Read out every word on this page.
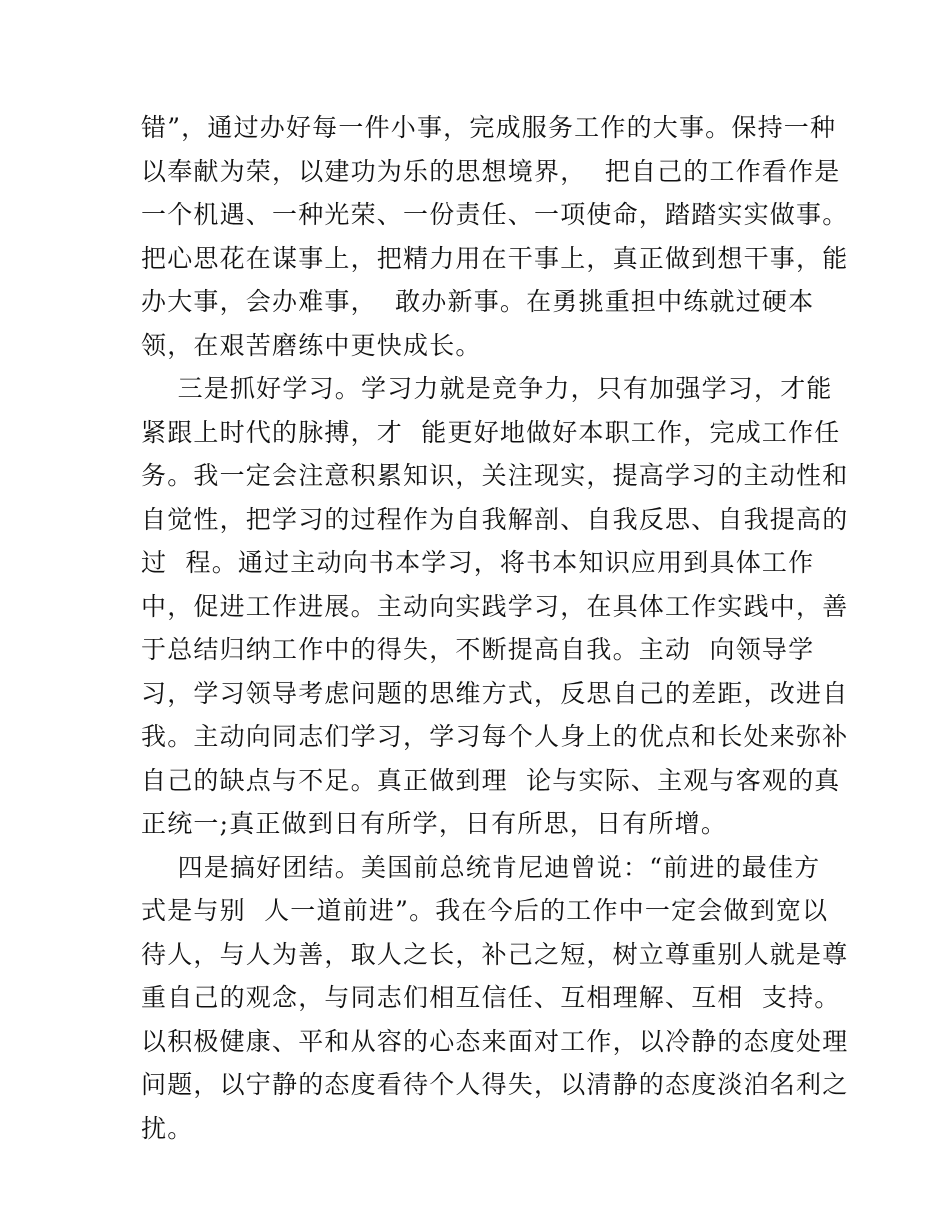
错”，通过办好每一件小事，完成服务工作的大事。保持一种
以奉献为荣，以建功为乐的思想境界，  把自己的工作看作是
一个机遇、一种光荣、一份责任、一项使命，踏踏实实做事。
把心思花在谋事上，把精力用在干事上，真正做到想干事，能
办大事，会办难事，  敢办新事。在勇挑重担中练就过硬本
领，在艰苦磨练中更快成长。
三是抓好学习。学习力就是竞争力，只有加强学习，才能
紧跟上时代的脉搏，才  能更好地做好本职工作，完成工作任
务。我一定会注意积累知识，关注现实，提高学习的主动性和
自觉性，把学习的过程作为自我解剖、自我反思、自我提高的
过  程。通过主动向书本学习，将书本知识应用到具体工作
中，促进工作进展。主动向实践学习，在具体工作实践中，善
于总结归纳工作中的得失，不断提高自我。主动  向领导学
习，学习领导考虑问题的思维方式，反思自己的差距，改进自
我。主动向同志们学习，学习每个人身上的优点和长处来弥补
自己的缺点与不足。真正做到理  论与实际、主观与客观的真
正统一;真正做到日有所学，日有所思，日有所增。
四是搞好团结。美国前总统肯尼迪曾说：“前进的最佳方
式是与别  人一道前进”。我在今后的工作中一定会做到宽以
待人，与人为善，取人之长，补己之短，树立尊重别人就是尊
重自己的观念，与同志们相互信任、互相理解、互相  支持。
以积极健康、平和从容的心态来面对工作，以冷静的态度处理
问题，以宁静的态度看待个人得失，以清静的态度淡泊名利之
扰。
